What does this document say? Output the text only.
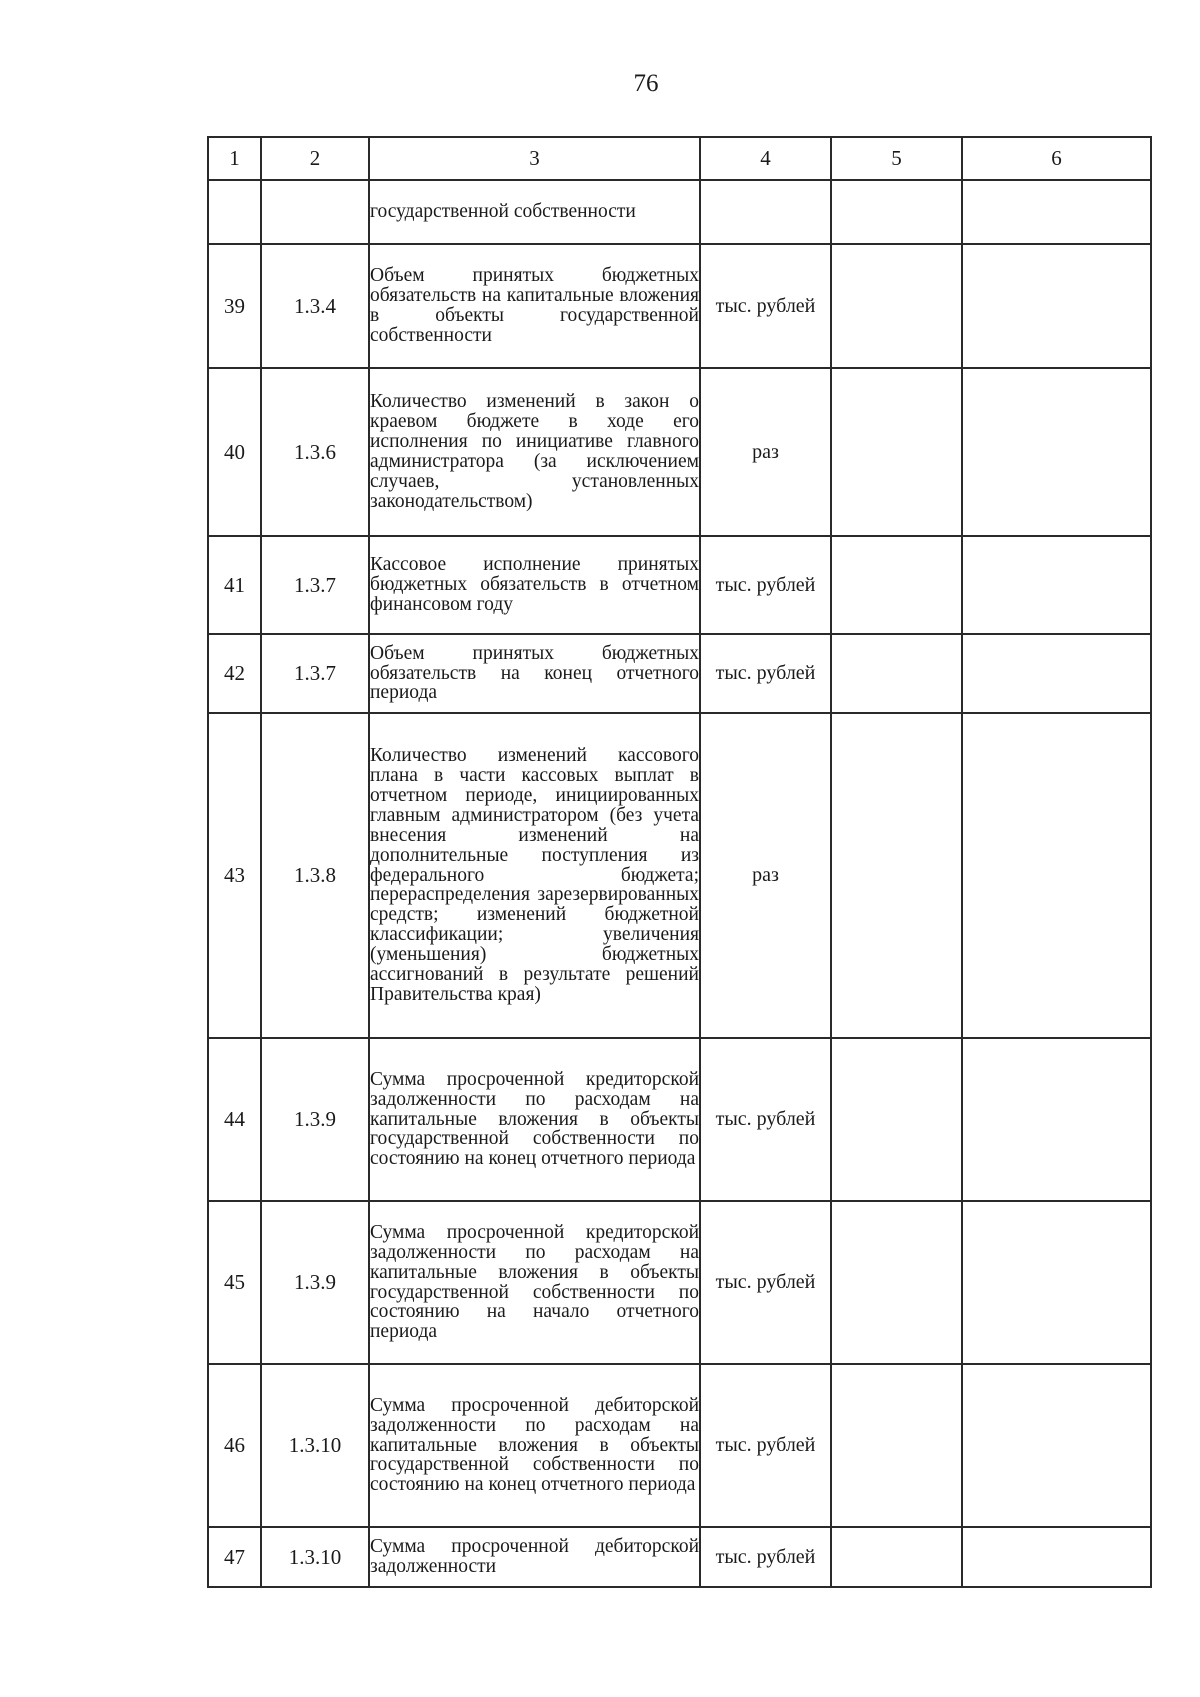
76
1	2	3	4	5	6
		государственной собственности			
39	1.3.4	Объем принятых бюджетных обязательств на капитальные вложения в объекты государственной собственности	тыс. рублей		
40	1.3.6	Количество изменений в закон о краевом бюджете в ходе его исполнения по инициативе главного администратора (за исключением случаев, установленных законодательством)	раз		
41	1.3.7	Кассовое исполнение принятых бюджетных обязательств в отчетном финансовом году	тыс. рублей		
42	1.3.7	Объем принятых бюджетных обязательств на конец отчетного периода	тыс. рублей		
43	1.3.8	Количество изменений кассового плана в части кассовых выплат в отчетном периоде, инициированных главным администратором (без учета внесения изменений на дополнительные поступления из федерального бюджета; перераспределения зарезервированных средств; изменений бюджетной классификации; увеличения (уменьшения) бюджетных ассигнований в результате решений Правительства края)	раз		
44	1.3.9	Сумма просроченной кредиторской задолженности по расходам на капитальные вложения в объекты государственной собственности по состоянию на конец отчетного периода	тыс. рублей		
45	1.3.9	Сумма просроченной кредиторской задолженности по расходам на капитальные вложения в объекты государственной собственности по состоянию на начало отчетного периода	тыс. рублей		
46	1.3.10	Сумма просроченной дебиторской задолженности по расходам на капитальные вложения в объекты государственной собственности по состоянию на конец отчетного периода	тыс. рублей		
47	1.3.10	Сумма просроченной дебиторской задолженности	тыс. рублей		
